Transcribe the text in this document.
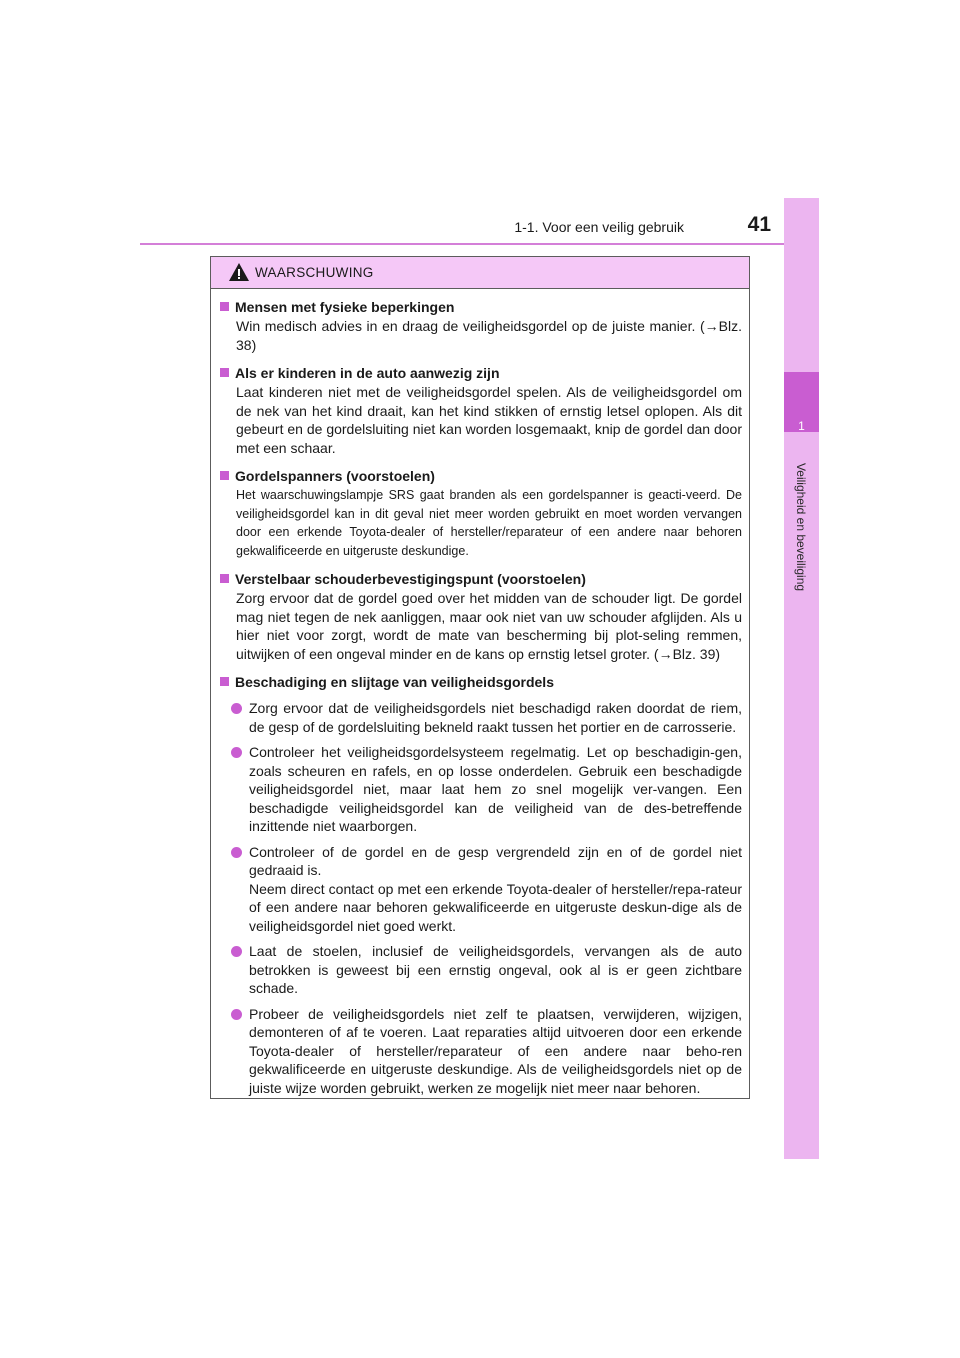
1-1. Voor een veilig gebruik	41
1
Veiligheid en beveiliging
WAARSCHUWING
Mensen met fysieke beperkingen
Win medisch advies in en draag de veiligheidsgordel op de juiste manier. (→Blz. 38)
Als er kinderen in de auto aanwezig zijn
Laat kinderen niet met de veiligheidsgordel spelen. Als de veiligheidsgordel om de nek van het kind draait, kan het kind stikken of ernstig letsel oplopen. Als dit gebeurt en de gordelsluiting niet kan worden losgemaakt, knip de gordel dan door met een schaar.
Gordelspanners (voorstoelen)
Het waarschuwingslampje SRS gaat branden als een gordelspanner is geacti-veerd. De veiligheidsgordel kan in dit geval niet meer worden gebruikt en moet worden vervangen door een erkende Toyota-dealer of hersteller/reparateur of een andere naar behoren gekwalificeerde en uitgeruste deskundige.
Verstelbaar schouderbevestigingspunt (voorstoelen)
Zorg ervoor dat de gordel goed over het midden van de schouder ligt. De gordel mag niet tegen de nek aanliggen, maar ook niet van uw schouder afglijden. Als u hier niet voor zorgt, wordt de mate van bescherming bij plot-seling remmen, uitwijken of een ongeval minder en de kans op ernstig letsel groter. (→Blz. 39)
Beschadiging en slijtage van veiligheidsgordels
Zorg ervoor dat de veiligheidsgordels niet beschadigd raken doordat de riem, de gesp of de gordelsluiting bekneld raakt tussen het portier en de carrosserie.
Controleer het veiligheidsgordelsysteem regelmatig. Let op beschadigin-gen, zoals scheuren en rafels, en op losse onderdelen. Gebruik een beschadigde veiligheidsgordel niet, maar laat hem zo snel mogelijk ver-vangen. Een beschadigde veiligheidsgordel kan de veiligheid van de des-betreffende inzittende niet waarborgen.
Controleer of de gordel en de gesp vergrendeld zijn en of de gordel niet gedraaid is.
Neem direct contact op met een erkende Toyota-dealer of hersteller/repa-rateur of een andere naar behoren gekwalificeerde en uitgeruste deskun-dige als de veiligheidsgordel niet goed werkt.
Laat de stoelen, inclusief de veiligheidsgordels, vervangen als de auto betrokken is geweest bij een ernstig ongeval, ook al is er geen zichtbare schade.
Probeer de veiligheidsgordels niet zelf te plaatsen, verwijderen, wijzigen, demonteren of af te voeren. Laat reparaties altijd uitvoeren door een erkende Toyota-dealer of hersteller/reparateur of een andere naar beho-ren gekwalificeerde en uitgeruste deskundige. Als de veiligheidsgordels niet op de juiste wijze worden gebruikt, werken ze mogelijk niet meer naar behoren.
